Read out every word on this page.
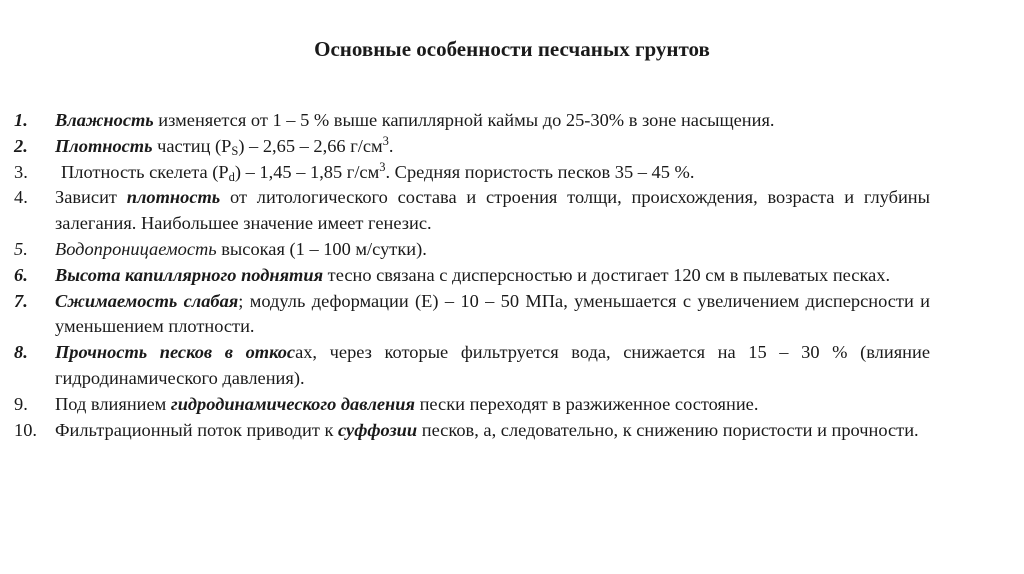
Основные особенности песчаных грунтов
1. Влажность изменяется от 1 – 5 % выше капиллярной каймы до 25-30% в зоне насыщения.
2. Плотность частиц $(P_S) - 2,65 - 2,66$ $г/см^3$.
3. Плотность скелета $(P_d) - 1,45 - 1,85$ $г/см^3$. Средняя пористость песков 35 – 45 %.
4. Зависит плотность от литологического состава и строения толщи, происхождения, возраста и глубины залегания. Наибольшее значение имеет генезис.
5. Водопроницаемость высокая (1 – 100 м/сутки).
6. Высота капиллярного поднятия тесно связана с дисперсностью и достигает 120 см в пылеватых песках.
7. Сжимаемость слабая; модуль деформации (Е) – 10 – 50 МПа, уменьшается с увеличением дисперсности и уменьшением плотности.
8. Прочность песков в откосах, через которые фильтруется вода, снижается на 15 – 30 % (влияние гидродинамического давления).
9. Под влиянием гидродинамического давления пески переходят в разжиженное состояние.
10. Фильтрационный поток приводит к суффозии песков, а, следовательно, к снижению пористости и прочности.
